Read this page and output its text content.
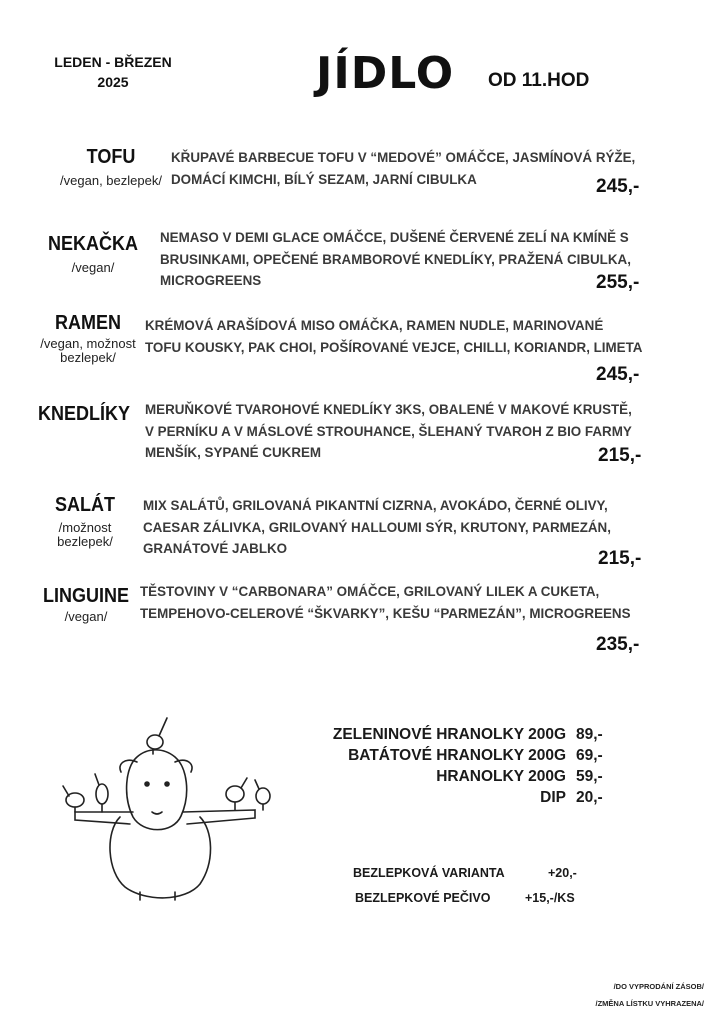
LEDEN - BŘEZEN
2025	JÍDLO OD 11.HOD
TOFU
/vegan, bezlepek/
KŘUPAVÉ BARBECUE TOFU V “MEDOVÉ” OMÁČCE, JASMÍNOVÁ RÝŽE,
DOMÁCÍ KIMCHI, BÍLÝ SEZAM, JARNÍ CIBULKA	245,-
NEKAČKA
/vegan/
NEMASO V DEMI GLACE OMÁČCE, DUŠENÉ ČERVENÉ ZELÍ NA KMÍNĚ S
BRUSINKAMI, OPEČENÉ BRAMBOROVÉ KNEDLÍKY, PRAŽENÁ CIBULKA,
MICROGREENS	255,-
RAMEN
/vegan, možnost
bezlepek/
KRÉMOVÁ ARAŠÍDOVÁ MISO OMÁČKA, RAMEN NUDLE, MARINOVANÉ
TOFU KOUSKY, PAK CHOI, POŠÍROVANÉ VEJCE, CHILLI, KORIANDR, LIMETA
245,-
KNEDLÍKY	MERUŇKOVÉ TVAROHOVÉ KNEDLÍKY 3KS, OBALENÉ V MAKOVÉ KRUSTĚ,
V PERNÍKU A V MÁSLOVÉ STROUHANCE, ŠLEHANÝ TVAROH Z BIO FARMY
MENŠÍK, SYPANÉ CUKREM	215,-
SALÁT
/možnost
bezlepek/
MIX SALÁTŮ, GRILOVANÁ PIKANTNÍ CIZRNA, AVOKÁDO, ČERNÉ OLIVY,
CAESAR ZÁLIVKA, GRILOVANÝ HALLOUMI SÝR, KRUTONY, PARMEZÁN,
GRANÁTOVÉ JABLKO	215,-
LINGUINE
/vegan/
TĚSTOVINY V “CARBONARA” OMÁČCE, GRILOVANÝ LILEK A CUKETA,
TEMPEHOVO-CELEROVÉ “ŠKVARKY”, KEŠU “PARMEZÁN”, MICROGREENS
235,-
ZELENINOVÉ HRANOLKY 200G 89,-
BATÁTOVÉ HRANOLKY 200G 69,-
HRANOLKY 200G 59,-
DIP 20,-
BEZLEPKOVÁ VARIANTA	+20,-
BEZLEPKOVÉ PEČIVO	+15,-/KS
/DO VYPRODÁNÍ ZÁSOB/
/ZMĚNA LÍSTKU VYHRAZENA/
